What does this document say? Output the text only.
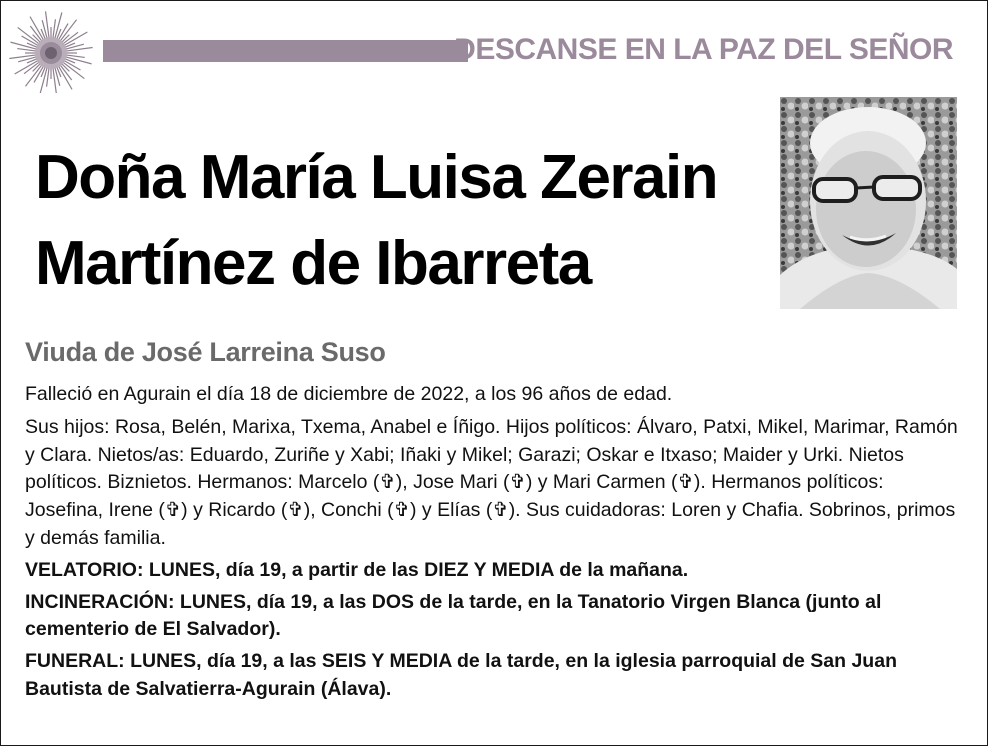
DESCANSE EN LA PAZ DEL SEÑOR
Doña María Luisa Zerain
Martínez de Ibarreta
Viuda de José Larreina Suso

Falleció en Agurain el día 18 de diciembre de 2022, a los 96 años de edad.

Sus hijos: Rosa, Belén, Marixa, Txema, Anabel e Íñigo. Hijos políticos: Álvaro, Patxi, Mikel, Marimar, Ramón y Clara. Nietos/as: Eduardo, Zuriñe y Xabi; Iñaki y Mikel; Garazi; Oskar e Itxaso; Maider y Urki. Nietos políticos. Biznietos. Hermanos: Marcelo (✞), Jose Mari (✞) y Mari Carmen (✞). Hermanos políticos: Josefina, Irene (✞) y Ricardo (✞), Conchi (✞) y Elías (✞). Sus cuidadoras: Loren y Chafia. Sobrinos, primos y demás familia.

VELATORIO: LUNES, día 19, a partir de las DIEZ Y MEDIA de la mañana.

INCINERACIÓN: LUNES, día 19, a las DOS de la tarde, en la Tanatorio Virgen Blanca (junto al cementerio de El Salvador).

FUNERAL: LUNES, día 19, a las SEIS Y MEDIA de la tarde, en la iglesia parroquial de San Juan Bautista de Salvatierra-Agurain (Álava).
